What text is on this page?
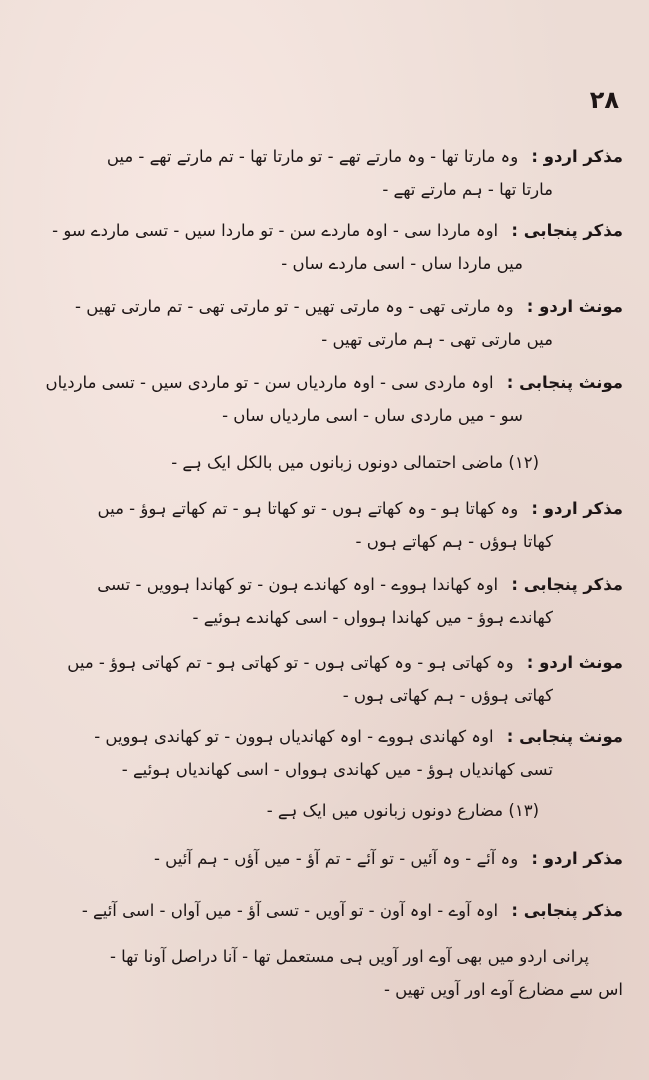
۲۸
مذکر اردو : وہ مارتا تھا - وہ مارتے تھے - تو مارتا تھا - تم مارتے تھے - میں
مارتا تھا - ہم مارتے تھے -
مذکر پنجابی : اوہ ماردا سی - اوہ ماردے سن - تو ماردا سیں - تسی ماردے سو -
میں ماردا ساں - اسی ماردے ساں -
مونث اردو : وہ مارتی تھی - وہ مارتی تھیں - تو مارتی تھی - تم مارتی تھیں -
میں مارتی تھی - ہم مارتی تھیں -
مونث پنجابی : اوہ ماردی سی - اوہ ماردیاں سن - تو ماردی سیں - تسی ماردیاں
سو - میں ماردی ساں - اسی ماردیاں ساں -
(۱۲) ماضی احتمالی دونوں زبانوں میں بالکل ایک ہے -
مذکر اردو : وہ کھاتا ہو - وہ کھاتے ہوں - تو کھاتا ہو - تم کھاتے ہوؤ - میں
کھاتا ہوؤں - ہم کھاتے ہوں -
مذکر پنجابی : اوہ کھاندا ہووے - اوہ کھاندے ہون - تو کھاندا ہوویں - تسی
کھاندے ہوؤ - میں کھاندا ہوواں - اسی کھاندے ہوئیے -
مونث اردو : وہ کھاتی ہو - وہ کھاتی ہوں - تو کھاتی ہو - تم کھاتی ہوؤ - میں
کھاتی ہوؤں - ہم کھاتی ہوں -
مونث پنجابی : اوہ کھاندی ہووے - اوہ کھاندیاں ہوون - تو کھاندی ہوویں -
تسی کھاندیاں ہوؤ - میں کھاندی ہوواں - اسی کھاندیاں ہوئیے -
(۱۳) مضارع دونوں زبانوں میں ایک ہے -
مذکر اردو : وہ آئے - وہ آئیں - تو آئے - تم آؤ - میں آؤں - ہم آئیں -
مذکر پنجابی : اوہ آوے - اوہ آون - تو آویں - تسی آؤ - میں آواں - اسی آئیے -
پرانی اردو میں بھی آوے اور آویں ہی مستعمل تھا - آنا دراصل آونا تھا -
اس سے مضارع آوے اور آویں تھیں -
